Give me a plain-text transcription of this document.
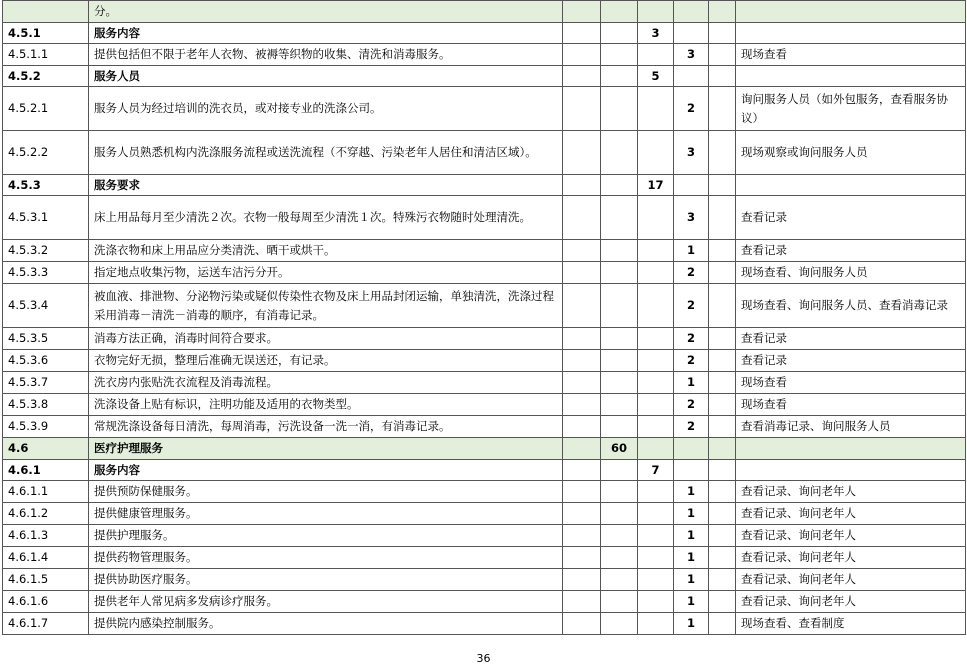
	分。						
4.5.1	服务内容			3			
4.5.1.1	提供包括但不限于老年人衣物、被褥等织物的收集、清洗和消毒服务。				3		现场查看
4.5.2	服务人员			5			
4.5.2.1	服务人员为经过培训的洗衣员，或对接专业的洗涤公司。				2		询问服务人员（如外包服务，查看服务协议）
4.5.2.2	服务人员熟悉机构内洗涤服务流程或送洗流程（不穿越、污染老年人居住和清洁区域）。				3		现场观察或询问服务人员
4.5.3	服务要求			17			
4.5.3.1	床上用品每月至少清洗２次。衣物一般每周至少清洗１次。特殊污衣物随时处理清洗。				3		查看记录
4.5.3.2	洗涤衣物和床上用品应分类清洗、晒干或烘干。				1		查看记录
4.5.3.3	指定地点收集污物，运送车洁污分开。				2		现场查看、询问服务人员
4.5.3.4	被血液、排泄物、分泌物污染或疑似传染性衣物及床上用品封闭运输，单独清洗，洗涤过程采用消毒－清洗－消毒的顺序，有消毒记录。				2		现场查看、询问服务人员、查看消毒记录
4.5.3.5	消毒方法正确，消毒时间符合要求。				2		查看记录
4.5.3.6	衣物完好无损，整理后准确无误送还，有记录。				2		查看记录
4.5.3.7	洗衣房内张贴洗衣流程及消毒流程。				1		现场查看
4.5.3.8	洗涤设备上贴有标识，注明功能及适用的衣物类型。				2		现场查看
4.5.3.9	常规洗涤设备每日清洗，每周消毒，污洗设备一洗一消，有消毒记录。				2		查看消毒记录、询问服务人员
4.6	医疗护理服务		60				
4.6.1	服务内容			7			
4.6.1.1	提供预防保健服务。				1		查看记录、询问老年人
4.6.1.2	提供健康管理服务。				1		查看记录、询问老年人
4.6.1.3	提供护理服务。				1		查看记录、询问老年人
4.6.1.4	提供药物管理服务。				1		查看记录、询问老年人
4.6.1.5	提供协助医疗服务。				1		查看记录、询问老年人
4.6.1.6	提供老年人常见病多发病诊疗服务。				1		查看记录、询问老年人
4.6.1.7	提供院内感染控制服务。				1		现场查看、查看制度
36
